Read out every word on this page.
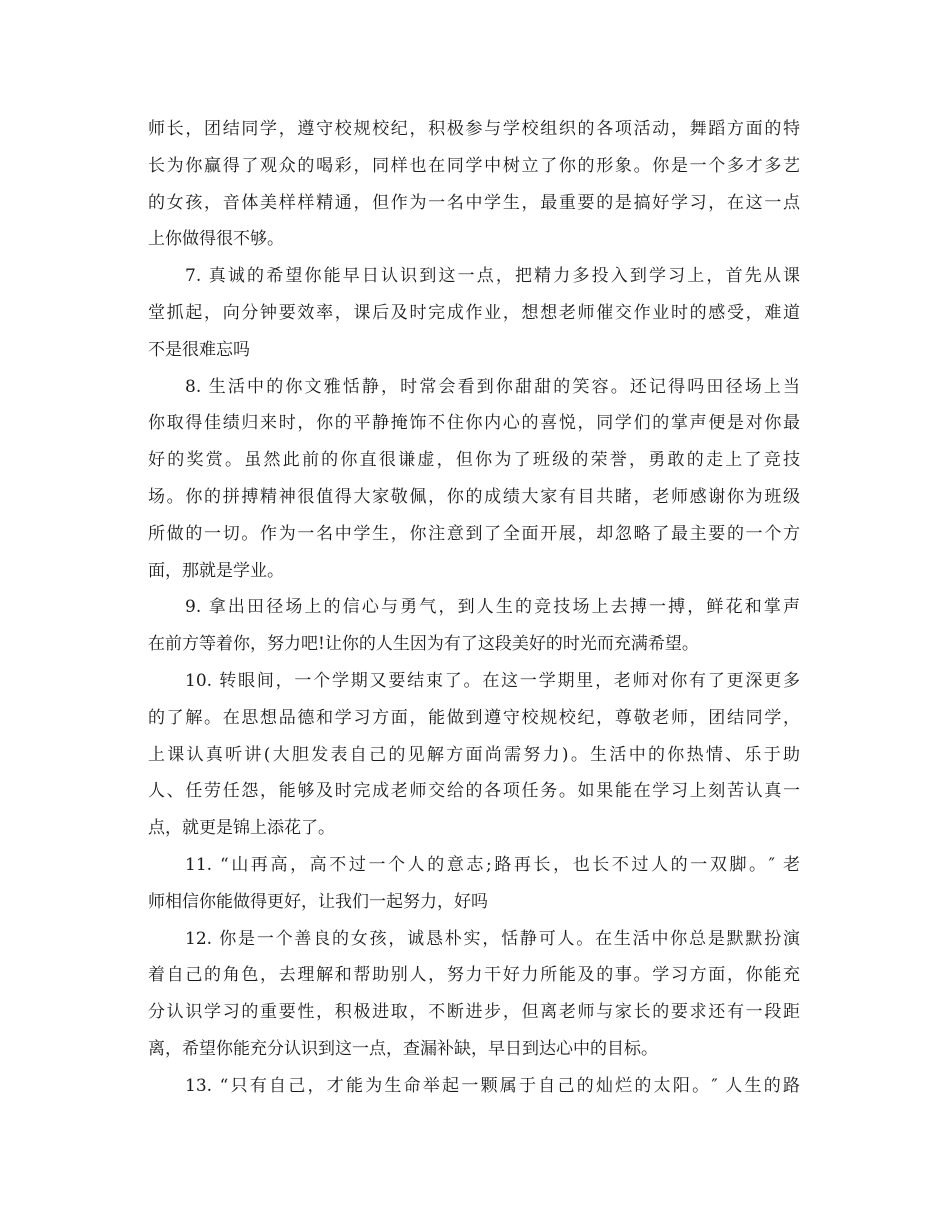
师长，团结同学，遵守校规校纪，积极参与学校组织的各项活动，舞蹈方面的特
长为你赢得了观众的喝彩，同样也在同学中树立了你的形象。你是一个多才多艺
的女孩，音体美样样精通，但作为一名中学生，最重要的是搞好学习，在这一点
上你做得很不够。
7. 真诚的希望你能早日认识到这一点，把精力多投入到学习上，首先从课
堂抓起，向分钟要效率，课后及时完成作业，想想老师催交作业时的感受，难道
不是很难忘吗
8. 生活中的你文雅恬静，时常会看到你甜甜的笑容。还记得吗田径场上当
你取得佳绩归来时，你的平静掩饰不住你内心的喜悦，同学们的掌声便是对你最
好的奖赏。虽然此前的你直很谦虚，但你为了班级的荣誉，勇敢的走上了竞技
场。你的拼搏精神很值得大家敬佩，你的成绩大家有目共睹，老师感谢你为班级
所做的一切。作为一名中学生，你注意到了全面开展，却忽略了最主要的一个方
面，那就是学业。
9. 拿出田径场上的信心与勇气，到人生的竞技场上去搏一搏，鲜花和掌声
在前方等着你，努力吧!让你的人生因为有了这段美好的时光而充满希望。
10. 转眼间，一个学期又要结束了。在这一学期里，老师对你有了更深更多
的了解。在思想品德和学习方面，能做到遵守校规校纪，尊敬老师，团结同学，
上课认真听讲(大胆发表自己的见解方面尚需努力)。生活中的你热情、乐于助
人、任劳任怨，能够及时完成老师交给的各项任务。如果能在学习上刻苦认真一
点，就更是锦上添花了。
11. “山再高，高不过一个人的意志;路再长，也长不过人的一双脚。″ 老
师相信你能做得更好，让我们一起努力，好吗
12. 你是一个善良的女孩，诚恳朴实，恬静可人。在生活中你总是默默扮演
着自己的角色，去理解和帮助别人，努力干好力所能及的事。学习方面，你能充
分认识学习的重要性，积极进取，不断进步，但离老师与家长的要求还有一段距
离，希望你能充分认识到这一点，查漏补缺，早日到达心中的目标。
13. “只有自己，才能为生命举起一颗属于自己的灿烂的太阳。″ 人生的路
